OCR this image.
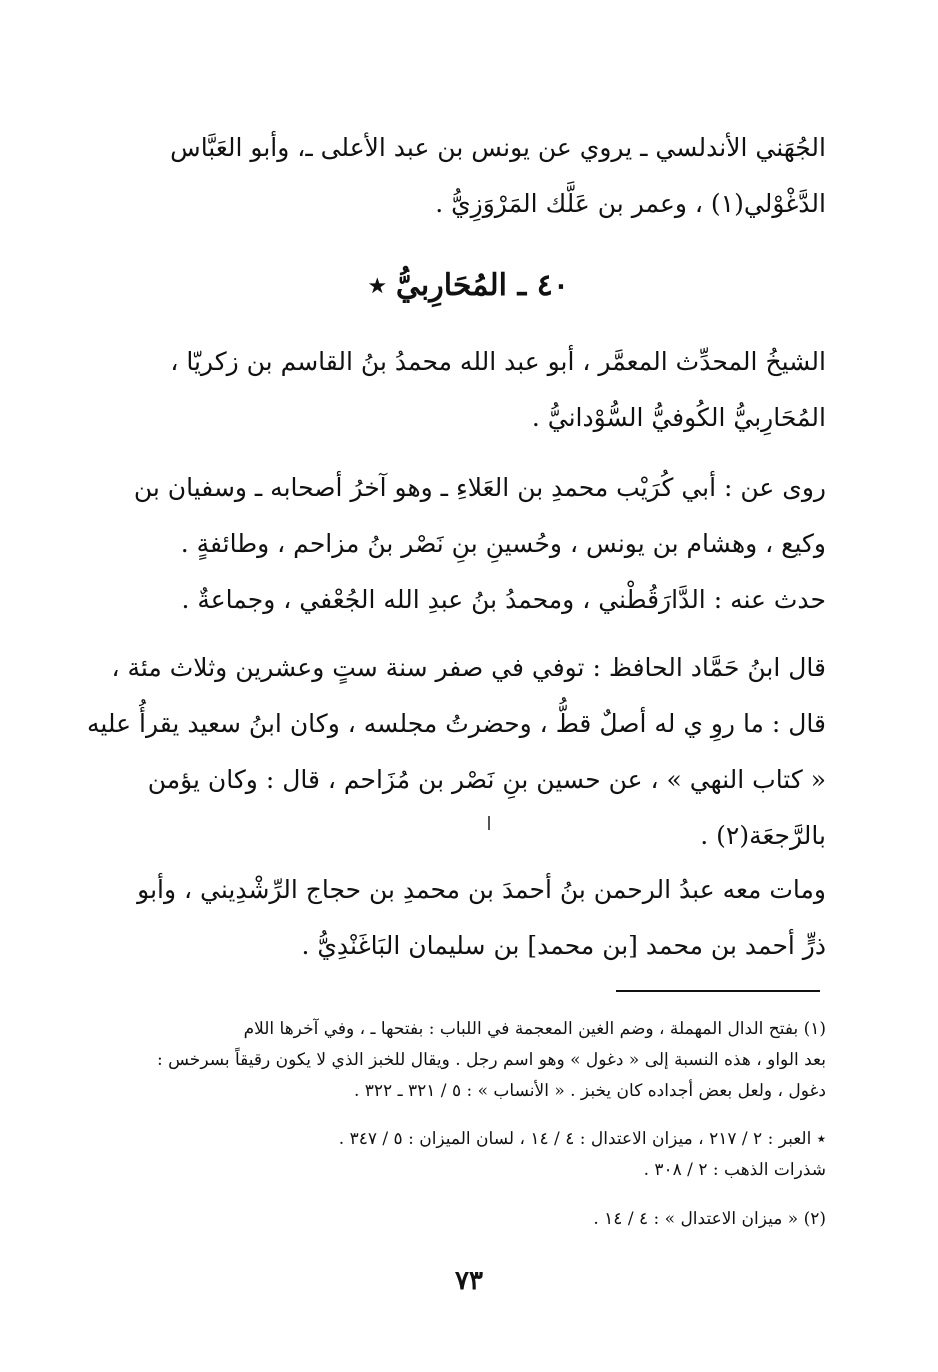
الجُهَني الأندلسي ـ يروي عن يونس بن عبد الأعلى ـ، وأبو العَبَّاس
الدَّغْوْلي(١) ، وعمر بن عَلَّك المَرْوَزِيُّ .
٤٠ ـ المُحَارِبيُّ ٭
الشيخُ المحدِّث المعمَّر ، أبو عبد الله محمدُ بنُ القاسم بن زكريّا ،
المُحَارِبيُّ الكُوفيُّ السُّوْدانيُّ .
روى عن : أبي كُرَيْب محمدِ بن العَلاءِ ـ وهو آخرُ أصحابه ـ وسفيان بن
وكيع ، وهشام بن يونس ، وحُسينِ بنِ نَصْر بنُ مزاحم ، وطائفةٍ .
حدث عنه : الدَّارَقُطْني ، ومحمدُ بنُ عبدِ الله الجُعْفي ، وجماعةٌ .
قال ابنُ حَمَّاد الحافظ : توفي في صفر سنة ستٍ وعشرين وثلاث مئة ،
قال : ما روِ ي له أصلٌ قطُّ ، وحضرتُ مجلسه ، وكان ابنُ سعيد يقرأُ عليه
« كتاب النهي » ، عن حسين بنِ نَصْر بن مُزَاحم ، قال : وكان يؤمن
بالرَّجعَة(٢) .
ومات معه عبدُ الرحمن بنُ أحمدَ بن محمدِ بن حجاج الرِّشْدِيني ، وأبو
ذرٍّ أحمد بن محمد [بن محمد] بن سليمان البَاغَنْدِيُّ .
(١) بفتح الدال المهملة ، وضم الغين المعجمة في اللباب : بفتحها ـ ، وفي آخرها اللام
بعد الواو ، هذه النسبة إلى « دغول » وهو اسم رجل . ويقال للخبز الذي لا يكون رقيقاً بسرخس :
دغول ، ولعل بعض أجداده كان يخبز . « الأنساب » : ٥ / ٣٢١ ـ ٣٢٢ .
٭ العبر : ٢ / ٢١٧ ، ميزان الاعتدال : ٤ / ١٤ ، لسان الميزان : ٥ / ٣٤٧ .
شذرات الذهب : ٢ / ٣٠٨ .
(٢) « ميزان الاعتدال » : ٤ / ١٤ .
٧٣
